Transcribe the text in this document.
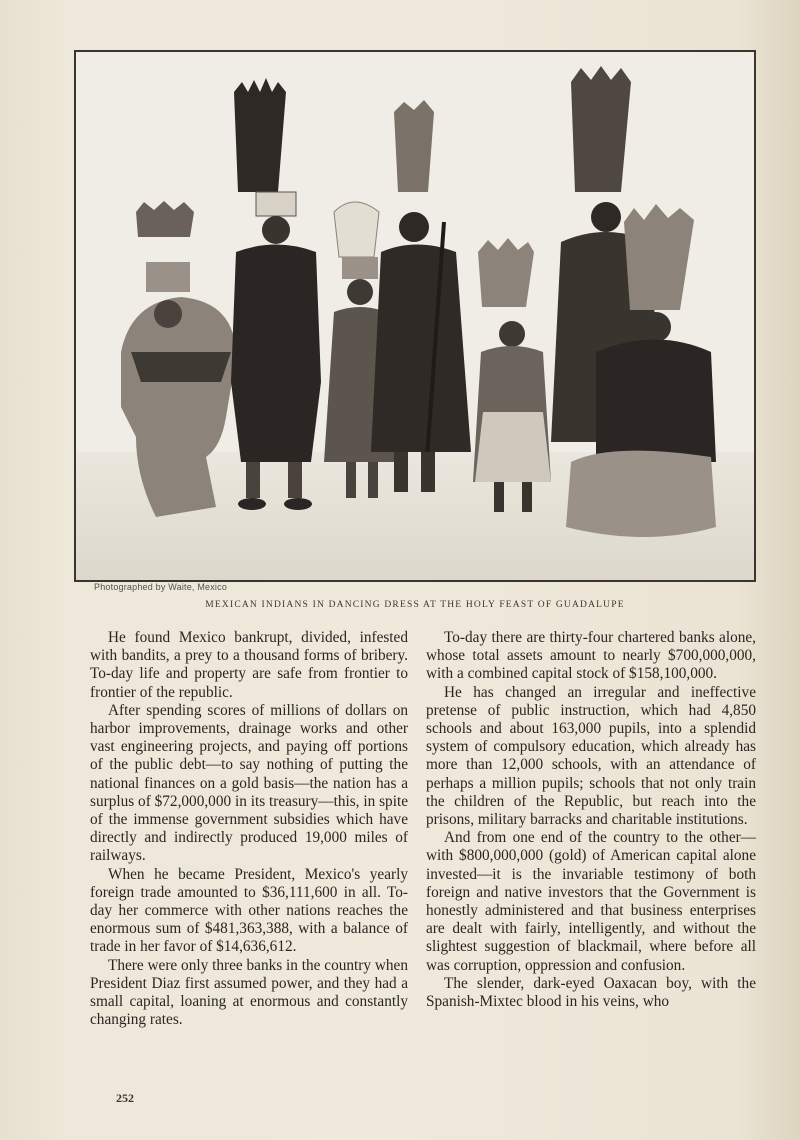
Photographed by Waite, Mexico
MEXICAN INDIANS IN DANCING DRESS AT THE HOLY FEAST OF GUADALUPE

He found Mexico bankrupt, divided, infested with bandits, a prey to a thousand forms of bribery. To-day life and property are safe from frontier to frontier of the republic.

After spending scores of millions of dollars on harbor improvements, drainage works and other vast engineering projects, and paying off portions of the public debt—to say nothing of putting the national finances on a gold basis—the nation has a surplus of $72,000,000 in its treasury—this, in spite of the immense government subsidies which have directly and indirectly produced 19,000 miles of railways.

When he became President, Mexico's yearly foreign trade amounted to $36,111,600 in all. To-day her commerce with other nations reaches the enormous sum of $481,363,388, with a balance of trade in her favor of $14,636,612.

There were only three banks in the country when President Diaz first assumed power, and they had a small capital, loaning at enormous and constantly changing rates.

To-day there are thirty-four chartered banks alone, whose total assets amount to nearly $700,000,000, with a combined capital stock of $158,100,000.

He has changed an irregular and ineffective pretense of public instruction, which had 4,850 schools and about 163,000 pupils, into a splendid system of compulsory education, which already has more than 12,000 schools, with an attendance of perhaps a million pupils; schools that not only train the children of the Republic, but reach into the prisons, military barracks and charitable institutions.

And from one end of the country to the other—with $800,000,000 (gold) of American capital alone invested—it is the invariable testimony of both foreign and native investors that the Government is honestly administered and that business enterprises are dealt with fairly, intelligently, and without the slightest suggestion of blackmail, where before all was corruption, oppression and confusion.

The slender, dark-eyed Oaxacan boy, with the Spanish-Mixtec blood in his veins, who

252
